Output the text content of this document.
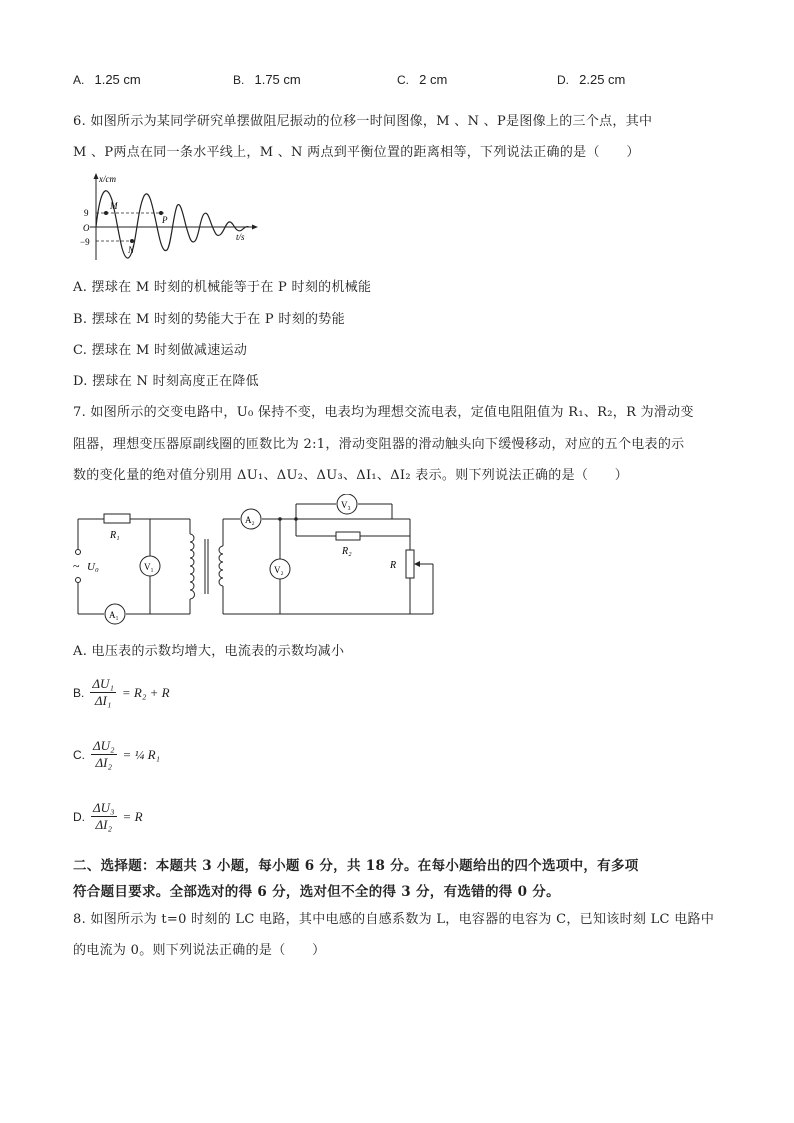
A. 1.25 cm	B. 1.75 cm	C. 2 cm	D. 2.25 cm
6. 如图所示为某同学研究单摆做阻尼振动的位移一时间图像，M 、N 、P是图像上的三个点，其中
M 、P两点在同一条水平线上，M 、N 两点到平衡位置的距离相等，下列说法正确的是（　　）
x/cm
t/s
O
9
−9
M
N
P
A. 摆球在 M 时刻的机械能等于在 P 时刻的机械能
B. 摆球在 M 时刻的势能大于在 P 时刻的势能
C. 摆球在 M 时刻做减速运动
D. 摆球在 N 时刻高度正在降低
7. 如图所示的交变电路中，U₀ 保持不变，电表均为理想交流电表，定值电阻阻值为 R₁、R₂，R 为滑动变
阻器，理想变压器原副线圈的匝数比为 2:1，滑动变阻器的滑动触头向下缓慢移动，对应的五个电表的示
数的变化量的绝对值分别用 ΔU₁、ΔU₂、ΔU₃、ΔI₁、ΔI₂ 表示。则下列说法正确的是（　　）
R₁
R₂
R
~ U₀	V₁	V₂
V₃
A₁
A₂
A. 电压表的示数均增大，电流表的示数均减小
B. $\frac{\text{ΔU₁}}{\text{ΔI₁}} = R_2 + R$
C. $\frac{\text{ΔU₂}}{\text{ΔI₂}}$ = ¼ R₁
D. $\frac{\text{ΔU₃}}{\text{ΔI₂}} = R$
二、选择题：本题共 3 小题，每小题 6 分，共 18 分。在每小题给出的四个选项中，有多项
符合题目要求。全部选对的得 6 分，选对但不全的得 3 分，有选错的得 0 分。
8. 如图所示为 t=0 时刻的 LC 电路，其中电感的自感系数为 L，电容器的电容为 C，已知该时刻 LC 电路中
的电流为 0。则下列说法正确的是（　　）
